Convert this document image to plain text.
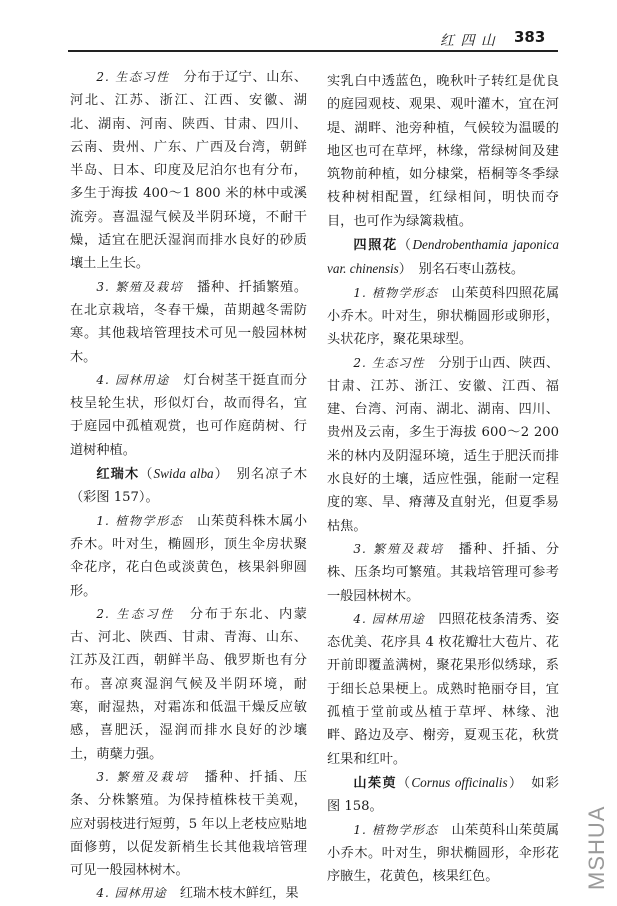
红 四 山 383

2. 生态习性　分布于辽宁、山东、河北、江苏、浙江、江西、安徽、湖北、湖南、河南、陕西、甘肃、四川、云南、贵州、广东、广西及台湾，朝鲜半岛、日本、印度及尼泊尔也有分布，多生于海拔 400～1 800 米的林中或溪流旁。喜温湿气候及半阴环境，不耐干燥，适宜在肥沃湿润而排水良好的砂质壤土上生长。

3. 繁殖及栽培　播种、扦插繁殖。在北京栽培，冬春干燥，苗期越冬需防寒。其他栽培管理技术可见一般园林树木。

4. 园林用途　灯台树茎干挺直而分枝呈轮生状，形似灯台，故而得名，宜于庭园中孤植观赏，也可作庭荫树、行道树种植。

红瑞木（Swida alba）　别名凉子木（彩图 157）。

1. 植物学形态　山茱萸科株木属小乔木。叶对生，椭圆形，顶生伞房状聚伞花序，花白色或淡黄色，核果斜卵圆形。

2. 生态习性　分布于东北、内蒙古、河北、陕西、甘肃、青海、山东、江苏及江西，朝鲜半岛、俄罗斯也有分布。喜凉爽湿润气候及半阴环境，耐寒，耐湿热，对霜冻和低温干燥反应敏感，喜肥沃，湿润而排水良好的沙壤土，萌蘖力强。

3. 繁殖及栽培　播种、扦插、压条、分株繁殖。为保持植株枝干美观，应对弱枝进行短剪，5 年以上老枝应贴地面修剪，以促发新梢生长其他栽培管理可见一般园林树木。

4. 园林用途　红瑞木枝木鲜红，果

实乳白中透蓝色，晚秋叶子转红是优良的庭园观枝、观果、观叶灌木，宜在河堤、湖畔、池旁种植，气候较为温暖的地区也可在草坪，林缘，常绿树间及建筑物前种植，如分棣棠，梧桐等冬季绿枝种树相配置，红绿相间，明快而夺目，也可作为绿篱栽植。

四照花（Dendrobenthamia japonica var. chinensis）　别名石枣山荔枝。

1. 植物学形态　山茱萸科四照花属小乔木。叶对生，卵状椭圆形或卵形，头状花序，聚花果球型。

2. 生态习性　分别于山西、陕西、甘肃、江苏、浙江、安徽、江西、福建、台湾、河南、湖北、湖南、四川、贵州及云南，多生于海拔 600～2 200米的林内及阴湿环境，适生于肥沃而排水良好的土壤，适应性强，能耐一定程度的寒、旱、瘠薄及直射光，但夏季易枯焦。

3. 繁殖及栽培　播种、扦插、分株、压条均可繁殖。其栽培管理可参考一般园林树木。

4. 园林用途　四照花枝条清秀、姿态优美、花序具 4 枚花瓣壮大苞片、花开前即覆盖满树，聚花果形似绣球，系于细长总果梗上。成熟时艳丽夺目，宜孤植于堂前或丛植于草坪、林缘、池畔、路边及亭、榭旁，夏观玉花，秋赏红果和红叶。

山茱萸（Cornus officinalis）　如彩图 158。

1. 植物学形态　山茱萸科山茱萸属小乔木。叶对生，卵状椭圆形，伞形花序腋生，花黄色，核果红色。	MSHUA
